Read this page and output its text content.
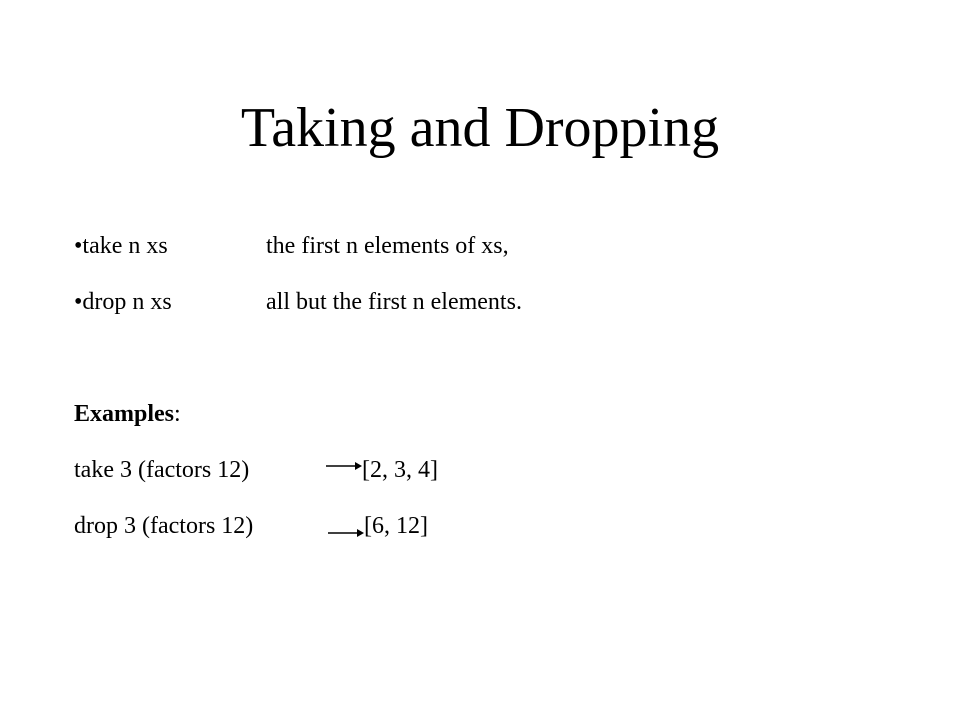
Taking and Dropping
•take n xs	the first n elements of xs,
•drop n xs	all but the first n elements.
Examples:
take 3 (factors 12)	[2, 3, 4]
drop 3 (factors 12)	[6, 12]
